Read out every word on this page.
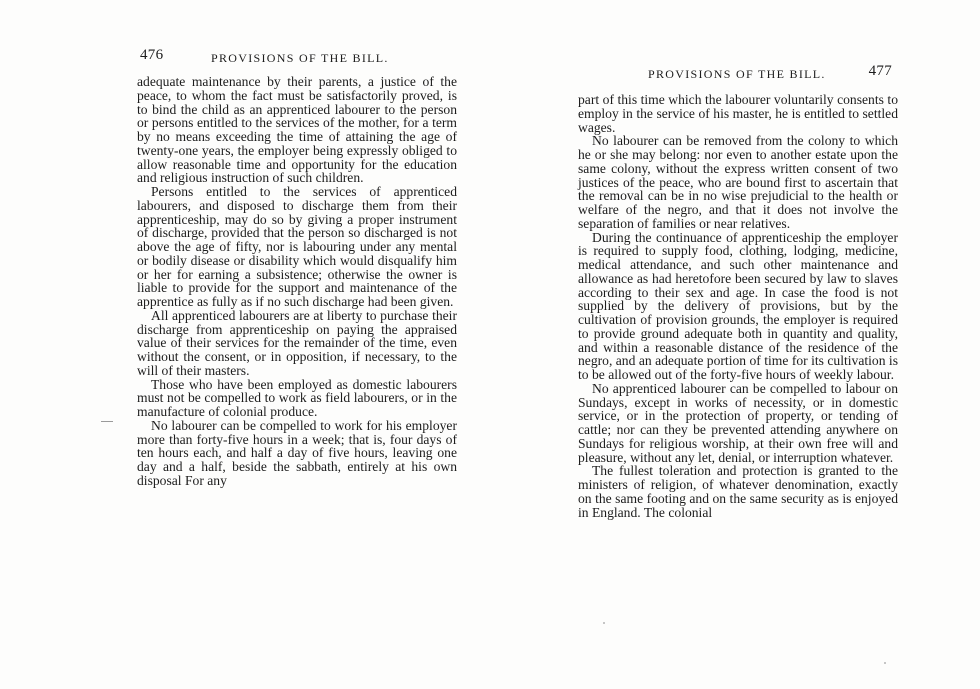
476	PROVISIONS OF THE BILL.

adequate maintenance by their parents, a justice of the peace, to whom the fact must be satisfactorily proved, is to bind the child as an apprenticed labourer to the person or persons entitled to the services of the mother, for a term by no means exceeding the time of attaining the age of twenty-one years, the employer being expressly obliged to allow reasonable time and opportunity for the education and religious instruction of such children.

Persons entitled to the services of apprenticed labourers, and disposed to discharge them from their apprenticeship, may do so by giving a proper instrument of discharge, provided that the person so discharged is not above the age of fifty, nor is labouring under any mental or bodily disease or disability which would disqualify him or her for earning a subsistence; otherwise the owner is liable to provide for the support and maintenance of the apprentice as fully as if no such discharge had been given.

All apprenticed labourers are at liberty to purchase their discharge from apprenticeship on paying the appraised value of their services for the remainder of the time, even without the consent, or in opposition, if necessary, to the will of their masters.

Those who have been employed as domestic labourers must not be compelled to work as field labourers, or in the manufacture of colonial produce.

No labourer can be compelled to work for his employer more than forty-five hours in a week; that is, four days of ten hours each, and half a day of five hours, leaving one day and a half, beside the sabbath, entirely at his own disposal For any

PROVISIONS OF THE BILL.	477

part of this time which the labourer voluntarily consents to employ in the service of his master, he is entitled to settled wages.

No labourer can be removed from the colony to which he or she may belong: nor even to another estate upon the same colony, without the express written consent of two justices of the peace, who are bound first to ascertain that the removal can be in no wise prejudicial to the health or welfare of the negro, and that it does not involve the separation of families or near relatives.

During the continuance of apprenticeship the employer is required to supply food, clothing, lodging, medicine, medical attendance, and such other maintenance and allowance as had heretofore been secured by law to slaves according to their sex and age. In case the food is not supplied by the delivery of provisions, but by the cultivation of provision grounds, the employer is required to provide ground adequate both in quantity and quality, and within a reasonable distance of the residence of the negro, and an adequate portion of time for its cultivation is to be allowed out of the forty-five hours of weekly labour.

No apprenticed labourer can be compelled to labour on Sundays, except in works of necessity, or in domestic service, or in the protection of property, or tending of cattle; nor can they be prevented attending anywhere on Sundays for religious worship, at their own free will and pleasure, without any let, denial, or interruption whatever.

The fullest toleration and protection is granted to the ministers of religion, of whatever denomination, exactly on the same footing and on the same security as is enjoyed in England. The colonial
